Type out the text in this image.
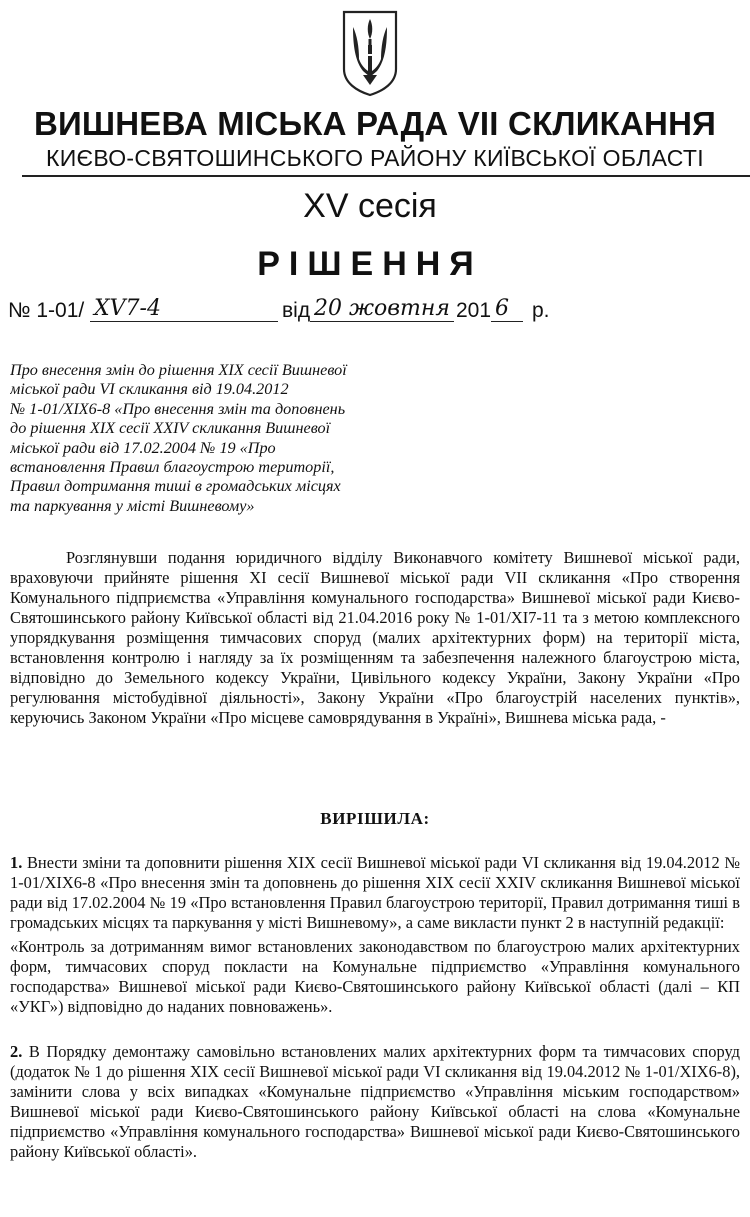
ВИШНЕВА МІСЬКА РАДА VII СКЛИКАННЯ
КИЄВО-СВЯТОШИНСЬКОГО РАЙОНУ КИЇВСЬКОЇ ОБЛАСТІ
XV сесія
РІШЕННЯ
№ 1-01/ XV7-4	від 20 жовтня 201 6 р.
Про внесення змін до рішення XIX сесії Вишневої
міської ради VI скликання від 19.04.2012
№ 1-01/XIX6-8 «Про внесення змін та доповнень
до рішення XIX сесії XXIV скликання Вишневої
міської ради від 17.02.2004 № 19 «Про
встановлення Правил благоустрою території,
Правил дотримання тиші в громадських місцях
та паркування у місті Вишневому»
Розглянувши подання юридичного відділу Виконавчого комітету Вишневої міської ради, враховуючи прийняте рішення XI сесії Вишневої міської ради VII скликання «Про створення Комунального підприємства «Управління комунального господарства» Вишневої міської ради Києво-Святошинського району Київської області від 21.04.2016 року № 1-01/XI7-11 та з метою комплексного упорядкування розміщення тимчасових споруд (малих архітектурних форм) на території міста, встановлення контролю і нагляду за їх розміщенням та забезпечення належного благоустрою міста, відповідно до Земельного кодексу України, Цивільного кодексу України, Закону України «Про регулювання містобудівної діяльності», Закону України «Про благоустрій населених пунктів», керуючись Законом України «Про місцеве самоврядування в Україні», Вишнева міська рада, -
ВИРІШИЛА:
1. Внести зміни та доповнити рішення XIX сесії Вишневої міської ради VI скликання від 19.04.2012 № 1-01/XIX6-8 «Про внесення змін та доповнень до рішення XIX сесії XXIV скликання Вишневої міської ради від 17.02.2004 № 19 «Про встановлення Правил благоустрою території, Правил дотримання тиші в громадських місцях та паркування у місті Вишневому», а саме викласти пункт 2 в наступній редакції:
«Контроль за дотриманням вимог встановлених законодавством по благоустрою малих архітектурних форм, тимчасових споруд покласти на Комунальне підприємство «Управління комунального господарства» Вишневої міської ради Києво-Святошинського району Київської області (далі – КП «УКГ») відповідно до наданих повноважень».
2. В Порядку демонтажу самовільно встановлених малих архітектурних форм та тимчасових споруд (додаток № 1 до рішення XIX сесії Вишневої міської ради VI скликання від 19.04.2012 № 1-01/XIX6-8), замінити слова у всіх випадках «Комунальне підприємство «Управління міським господарством» Вишневої міської ради Києво-Святошинського району Київської області на слова «Комунальне підприємство «Управління комунального господарства» Вишневої міської ради Києво-Святошинського району Київської області».
